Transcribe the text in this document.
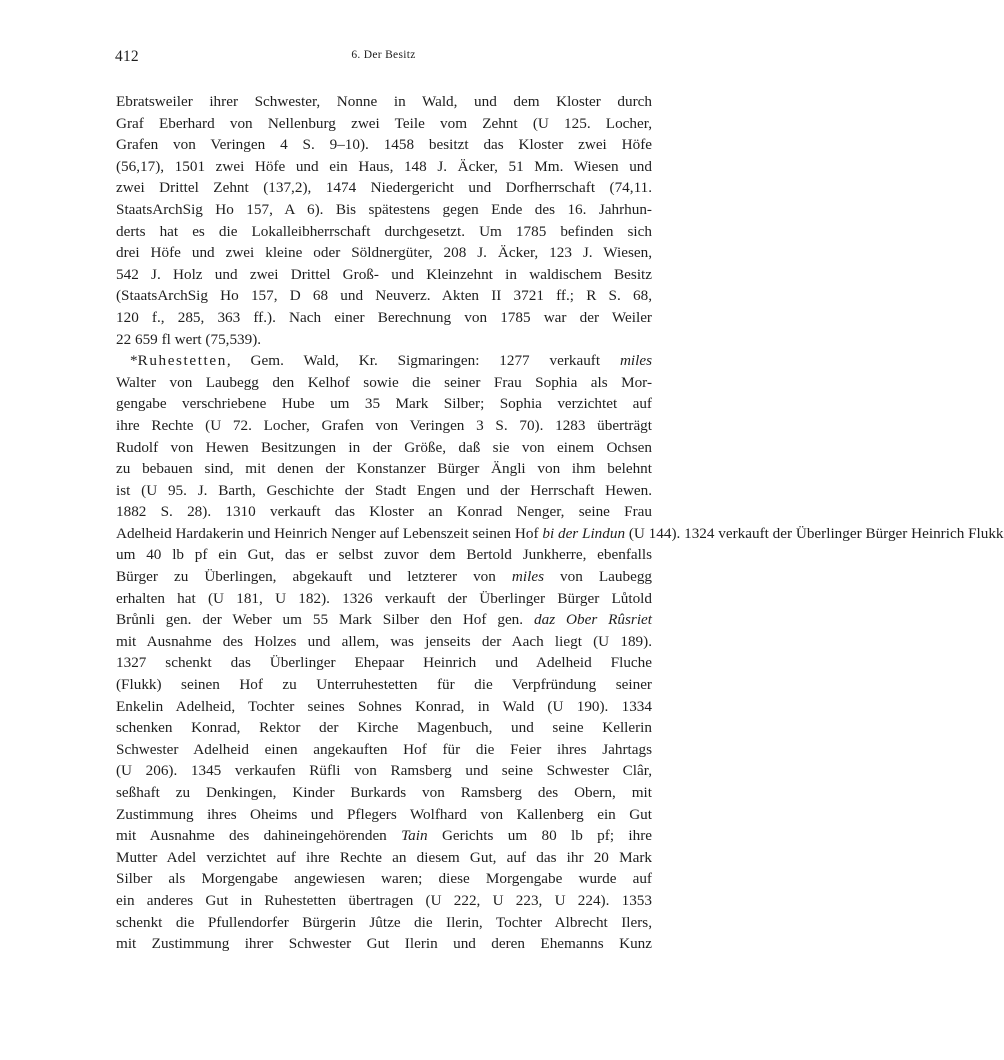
412	6. Der Besitz
Ebratsweiler ihrer Schwester, Nonne in Wald, und dem Kloster durch
Graf Eberhard von Nellenburg zwei Teile vom Zehnt (U 125. Locher,
Grafen von Veringen 4 S. 9–10). 1458 besitzt das Kloster zwei Höfe
(56,17), 1501 zwei Höfe und ein Haus, 148 J. Äcker, 51 Mm. Wiesen und
zwei Drittel Zehnt (137,2), 1474 Niedergericht und Dorfherrschaft (74,11.
StaatsArchSig Ho 157, A 6). Bis spätestens gegen Ende des 16. Jahrhun-
derts hat es die Lokalleibherrschaft durchgesetzt. Um 1785 befinden sich
drei Höfe und zwei kleine oder Söldnergüter, 208 J. Äcker, 123 J. Wiesen,
542 J. Holz und zwei Drittel Groß- und Kleinzehnt in waldischem Besitz
(StaatsArchSig Ho 157, D 68 und Neuverz. Akten II 3721 ff.; R S. 68,
120 f., 285, 363 ff.). Nach einer Berechnung von 1785 war der Weiler
22 659 fl wert (75,539).
*Ruhestetten, Gem. Wald, Kr. Sigmaringen: 1277 verkauft miles
Walter von Laubegg den Kelhof sowie die seiner Frau Sophia als Mor-
gengabe verschriebene Hube um 35 Mark Silber; Sophia verzichtet auf
ihre Rechte (U 72. Locher, Grafen von Veringen 3 S. 70). 1283 überträgt
Rudolf von Hewen Besitzungen in der Größe, daß sie von einem Ochsen
zu bebauen sind, mit denen der Konstanzer Bürger Ängli von ihm belehnt
ist (U 95. J. Barth, Geschichte der Stadt Engen und der Herrschaft Hewen.
1882 S. 28). 1310 verkauft das Kloster an Konrad Nenger, seine Frau
Adelheid Hardakerin und Heinrich Nenger auf Lebenszeit seinen Hof bi der Lindun (U 144). 1324 verkauft der Überlinger Bürger Heinrich Flukk
um 40 lb pf ein Gut, das er selbst zuvor dem Bertold Junkherre, ebenfalls
Bürger zu Überlingen, abgekauft und letzterer von miles von Laubegg
erhalten hat (U 181, U 182). 1326 verkauft der Überlinger Bürger Lůtold
Brůnli gen. der Weber um 55 Mark Silber den Hof gen. daz Ober Rûsriet
mit Ausnahme des Holzes und allem, was jenseits der Aach liegt (U 189).
1327 schenkt das Überlinger Ehepaar Heinrich und Adelheid Fluche
(Flukk) seinen Hof zu Unterruhestetten für die Verpfründung seiner
Enkelin Adelheid, Tochter seines Sohnes Konrad, in Wald (U 190). 1334
schenken Konrad, Rektor der Kirche Magenbuch, und seine Kellerin
Schwester Adelheid einen angekauften Hof für die Feier ihres Jahrtags
(U 206). 1345 verkaufen Rüfli von Ramsberg und seine Schwester Clâr,
seßhaft zu Denkingen, Kinder Burkards von Ramsberg des Obern, mit
Zustimmung ihres Oheims und Pflegers Wolfhard von Kallenberg ein Gut
mit Ausnahme des dahineingehörenden Tain Gerichts um 80 lb pf; ihre
Mutter Adel verzichtet auf ihre Rechte an diesem Gut, auf das ihr 20 Mark
Silber als Morgengabe angewiesen waren; diese Morgengabe wurde auf
ein anderes Gut in Ruhestetten übertragen (U 222, U 223, U 224). 1353
schenkt die Pfullendorfer Bürgerin Jûtze die Ilerin, Tochter Albrecht Ilers,
mit Zustimmung ihrer Schwester Gut Ilerin und deren Ehemanns Kunz
